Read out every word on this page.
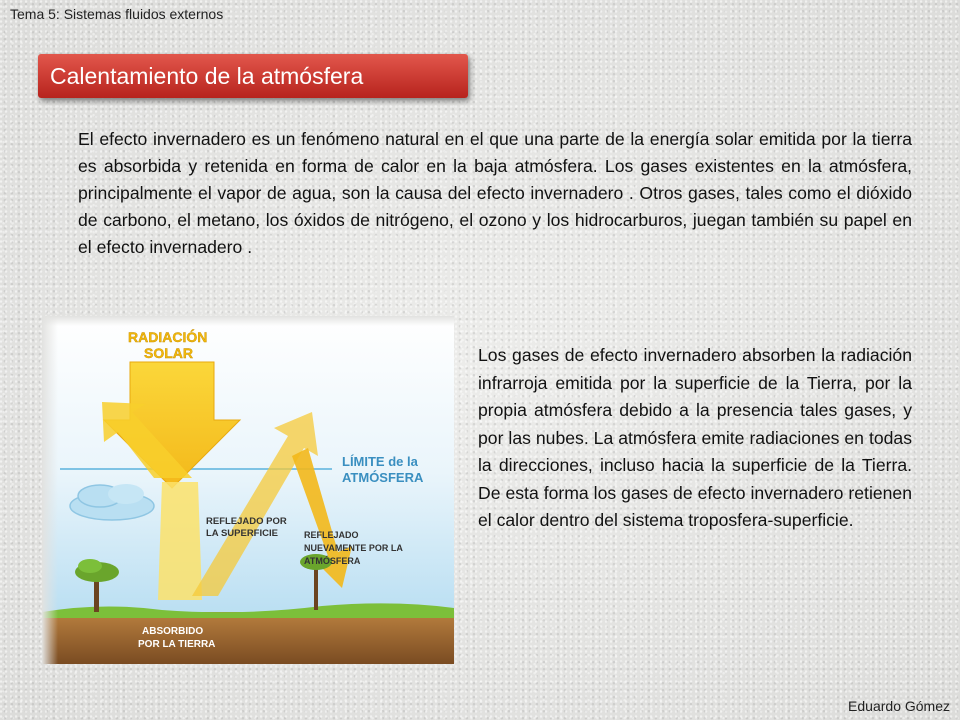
Tema 5: Sistemas fluidos externos
Calentamiento de la atmósfera
El efecto invernadero es un fenómeno natural en el que una parte de la energía solar emitida por la tierra es absorbida y retenida en forma de calor en la baja atmósfera. Los gases existentes en la atmósfera, principalmente el vapor de agua, son la causa del efecto invernadero . Otros gases, tales como el dióxido de carbono, el metano, los óxidos de nitrógeno, el ozono y los hidrocarburos, juegan también su papel en el efecto invernadero .
RADIACIÓN
SOLAR
LÍMITE de la
ATMÓSFERA
REFLEJADO POR
LA SUPERFICIE	REFLEJADO
NUEVAMENTE POR LA
ATMÓSFERA
ABSORBIDO
POR LA TIERRA
Los gases de efecto invernadero absorben la radiación infrarroja emitida por la superficie de la Tierra, por la propia atmósfera debido a la presencia tales gases, y por las nubes. La atmósfera emite radiaciones en todas la direcciones, incluso hacia la superficie de la Tierra. De esta forma los gases de efecto invernadero retienen el calor dentro del sistema troposfera-superficie.
Eduardo Gómez
